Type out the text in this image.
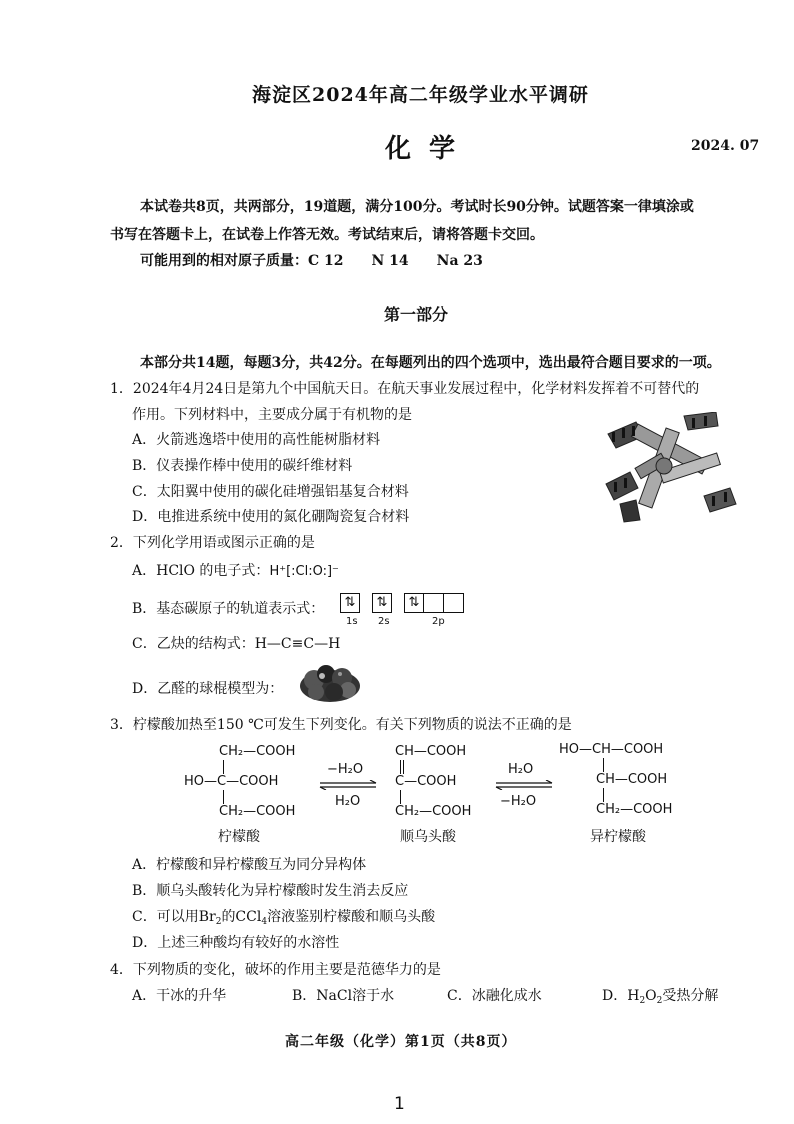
海淀区2024年高二年级学业水平调研
化学	2024. 07
本试卷共8页，共两部分，19道题，满分100分。考试时长90分钟。试题答案一律填涂或
书写在答题卡上，在试卷上作答无效。考试结束后，请将答题卡交回。
可能用到的相对原子质量：C 12　　N 14　　Na 23
第一部分
本部分共14题，每题3分，共42分。在每题列出的四个选项中，选出最符合题目要求的一项。
1．2024年4月24日是第九个中国航天日。在航天事业发展过程中，化学材料发挥着不可替代的
作用。下列材料中，主要成分属于有机物的是
A．火箭逃逸塔中使用的高性能树脂材料
B．仪表操作棒中使用的碳纤维材料
C．太阳翼中使用的碳化硅增强铝基复合材料
D．电推进系统中使用的氮化硼陶瓷复合材料
2．下列化学用语或图示正确的是
A．HClO 的电子式：H⁺[:Cl:O:]⁻
B．基态碳原子的轨道表示式：	⇅	⇅	⇅
1s 2s	2p
C．乙炔的结构式：H—C≡C—H
D．乙醛的球棍模型为：
3．柠檬酸加热至150 ℃可发生下列变化。有关下列物质的说法不正确的是
CH₂—COOH
HO—C—COOH
CH₂—COOH
柠檬酸
−H₂O
H₂O
CH—COOH
C—COOH
CH₂—COOH
顺乌头酸
H₂O
−H₂O
HO—CH—COOH
CH—COOH
CH₂—COOH
异柠檬酸
A．柠檬酸和异柠檬酸互为同分异构体
B．顺乌头酸转化为异柠檬酸时发生消去反应
C．可以用$Br_2$的CCl$_4$溶液鉴别柠檬酸和顺乌头酸
D．上述三种酸均有较好的水溶性
4．下列物质的变化，破坏的作用主要是范德华力的是
A．干冰的升华	B．NaCl溶于水	C．冰融化成水	D．$H_2O_2$受热分解
高二年级（化学）第1页（共8页）
1
